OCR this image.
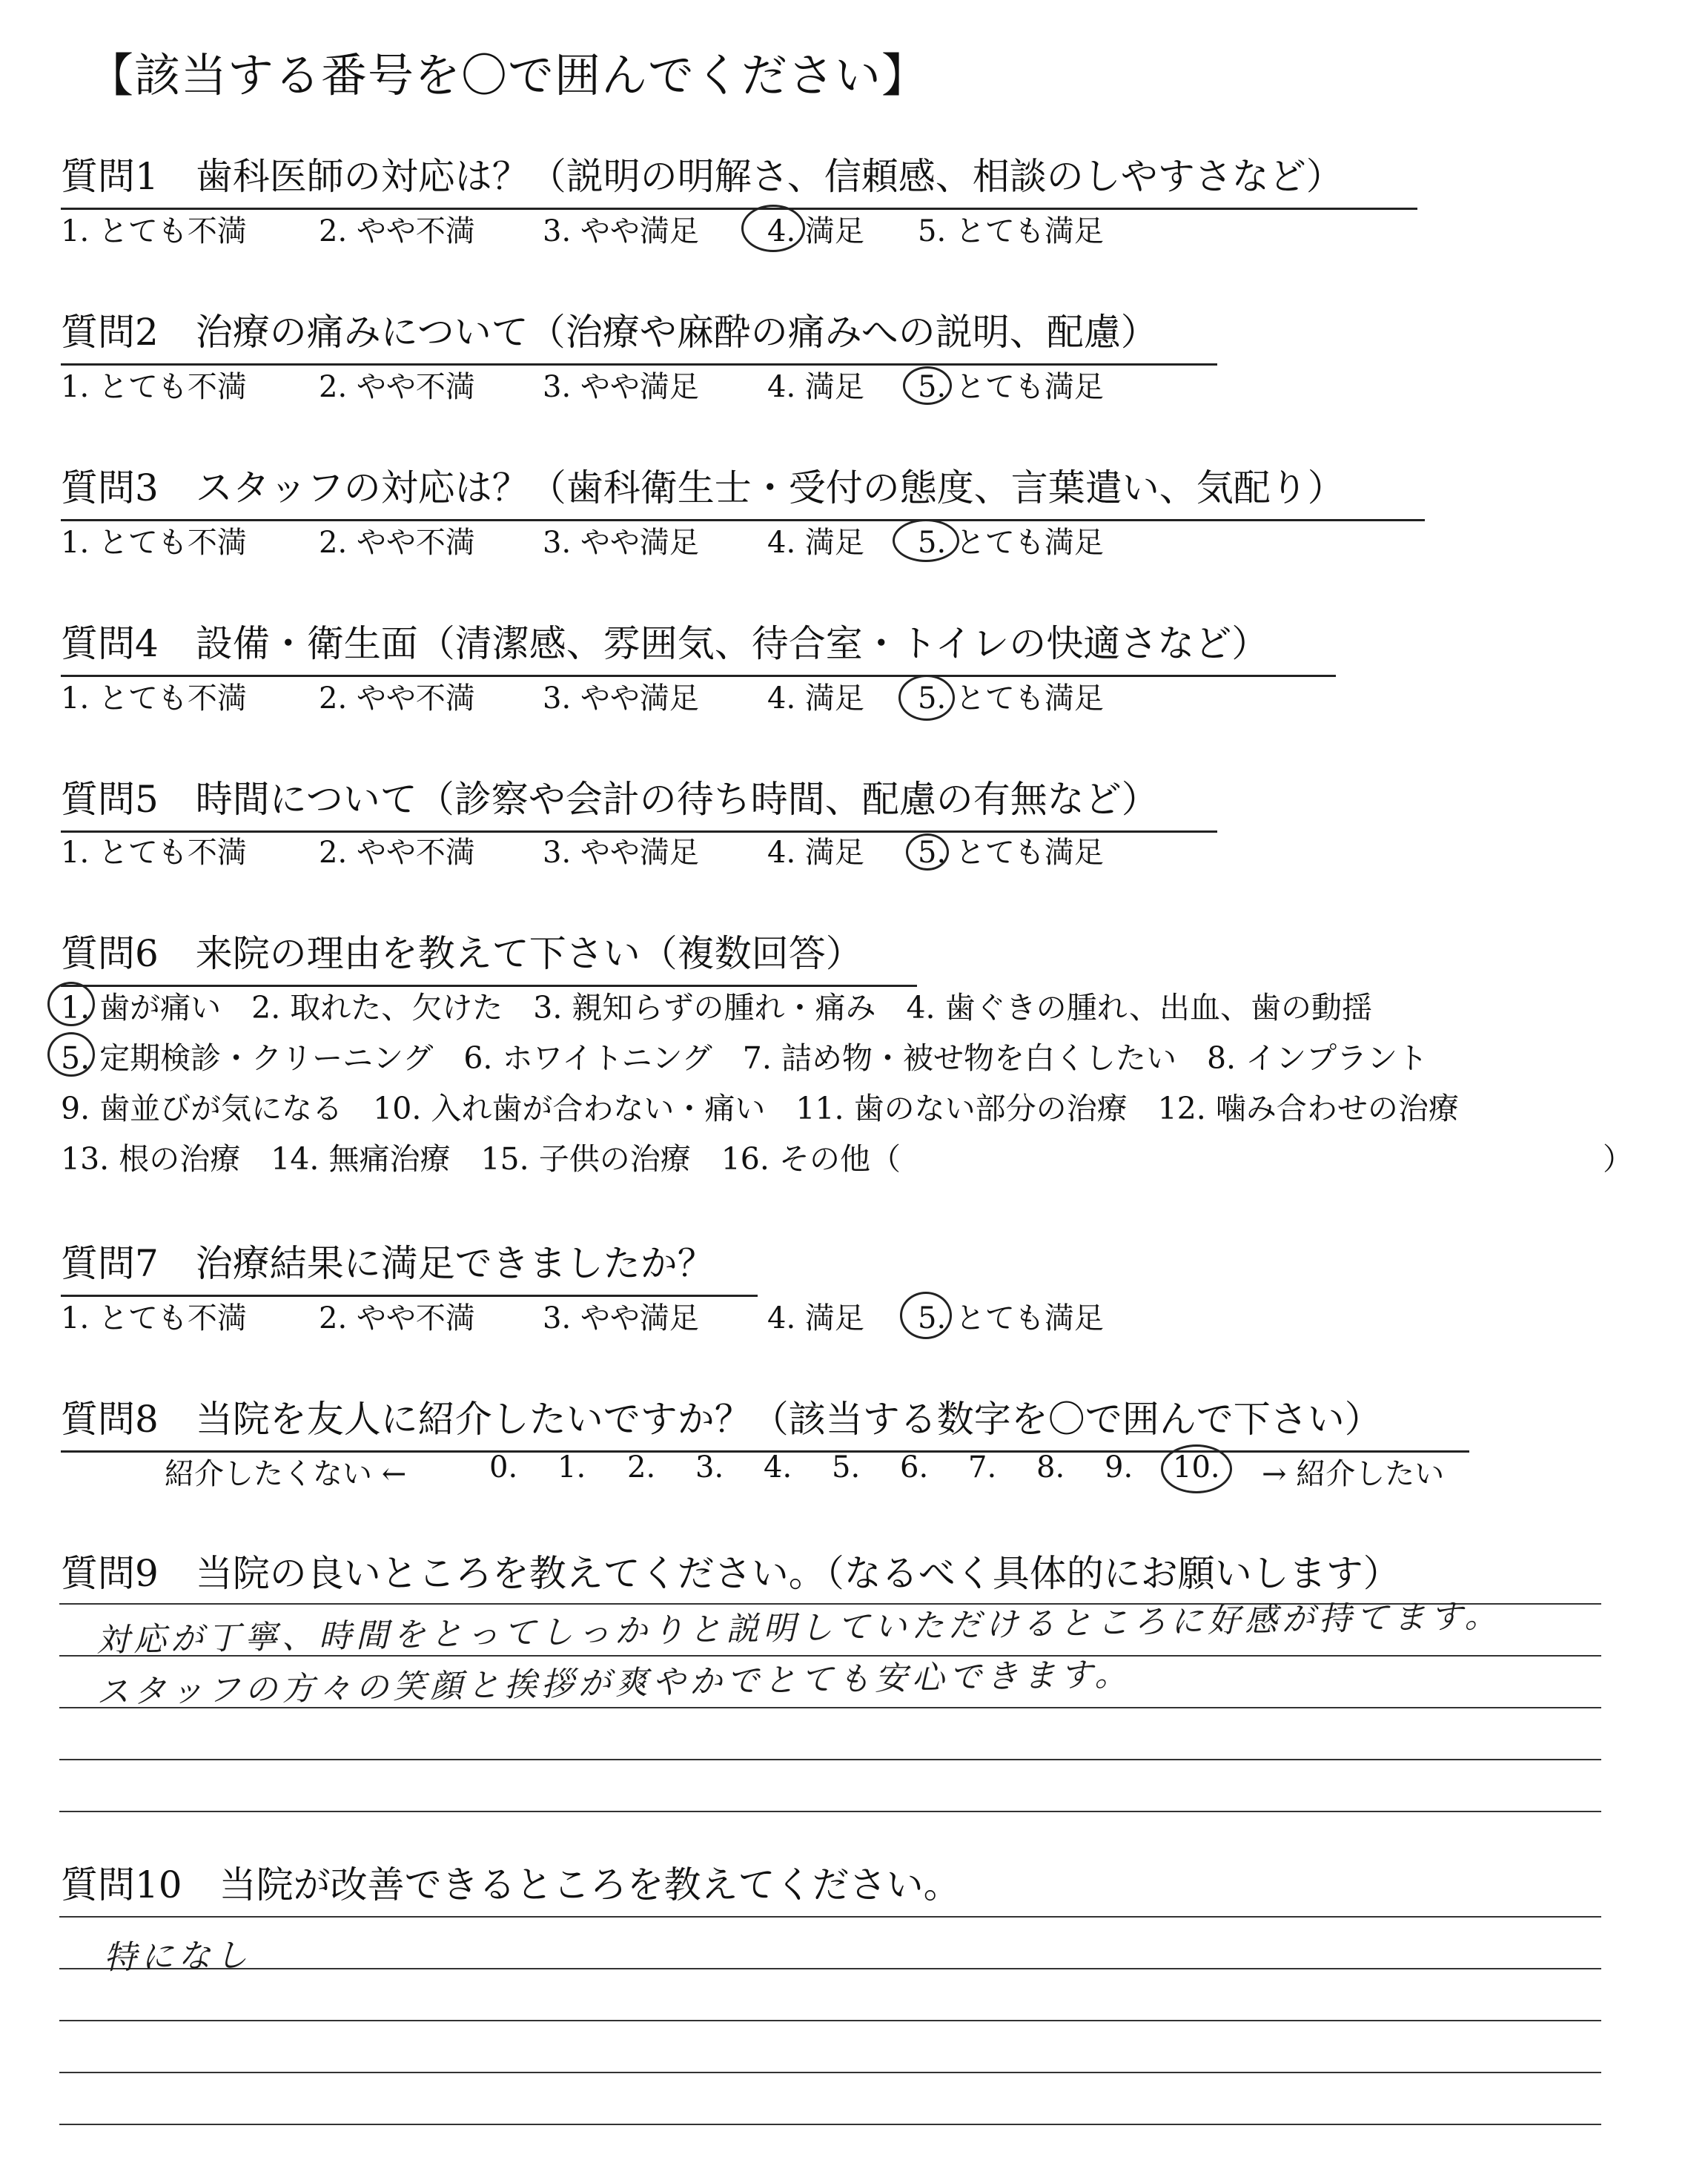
【該当する番号を〇で囲んでください】
質問1　歯科医師の対応は？（説明の明解さ、信頼感、相談のしやすさなど）
1. とても不満 2. やや不満 3. やや満足 4. 満足 5. とても満足
質問2　治療の痛みについて（治療や麻酔の痛みへの説明、配慮）
1. とても不満 2. やや不満 3. やや満足 4. 満足 5. とても満足
質問3　スタッフの対応は？（歯科衛生士・受付の態度、言葉遣い、気配り）
1. とても不満 2. やや不満 3. やや満足 4. 満足 5. とても満足
質問4　設備・衛生面（清潔感、雰囲気、待合室・トイレの快適さなど）
1. とても不満 2. やや不満 3. やや満足 4. 満足 5. とても満足
質問5　時間について（診察や会計の待ち時間、配慮の有無など）
1. とても不満 2. やや不満 3. やや満足 4. 満足 5. とても満足
質問6　来院の理由を教えて下さい（複数回答）
1. 歯が痛い　2. 取れた、欠けた　3. 親知らずの腫れ・痛み　4. 歯ぐきの腫れ、出血、歯の動揺
5. 定期検診・クリーニング　6. ホワイトニング　7. 詰め物・被せ物を白くしたい　8. インプラント
9. 歯並びが気になる　10. 入れ歯が合わない・痛い　11. 歯のない部分の治療　12. 噛み合わせの治療
13. 根の治療　14. 無痛治療　15. 子供の治療　16. その他（	）
質問7　治療結果に満足できましたか？
1. とても不満 2. やや不満 3. やや満足 4. 満足 5. とても満足
質問8　当院を友人に紹介したいですか？（該当する数字を〇で囲んで下さい）
紹介したくない ←	0. 1. 2. 3. 4. 5. 6. 7. 8. 9. 10. → 紹介したい
質問9　当院の良いところを教えてください。（なるべく具体的にお願いします）
対応が丁寧、時間をとってしっかりと説明していただけるところに好感が持てます。
スタッフの方々の笑顔と挨拶が爽やかでとても安心できます。
質問10　当院が改善できるところを教えてください。
特になし
